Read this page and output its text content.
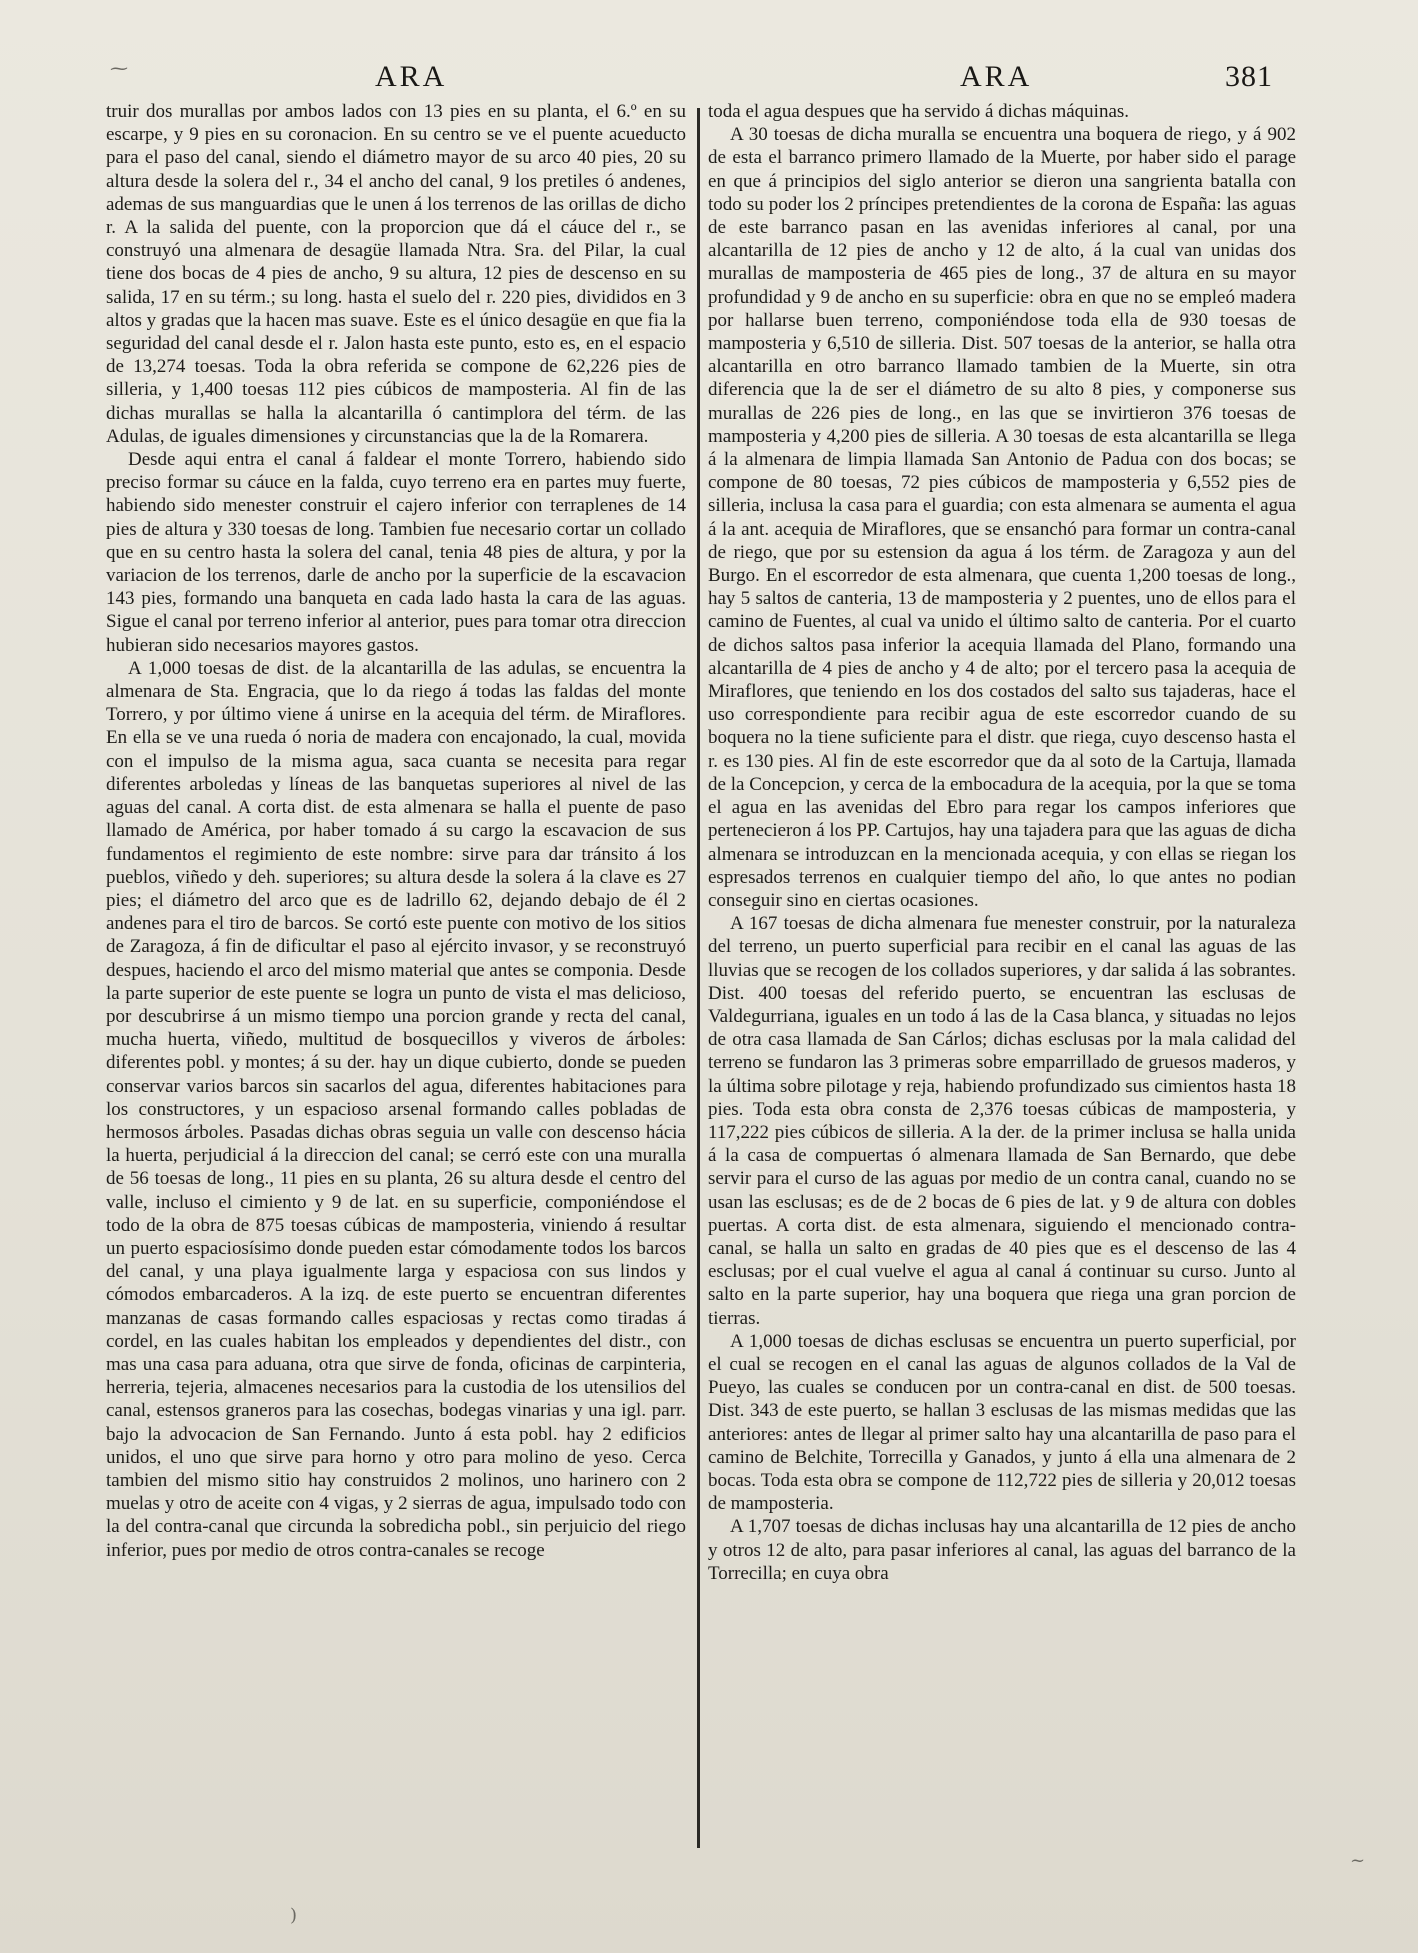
ARA	ARA	381

truir dos murallas por ambos lados con 13 pies en su planta, el 6.º en su escarpe, y 9 pies en su coronacion. En su centro se ve el puente acueducto para el paso del canal, siendo el diámetro mayor de su arco 40 pies, 20 su altura desde la solera del r., 34 el ancho del canal, 9 los pretiles ó andenes, ademas de sus manguardias que le unen á los terrenos de las orillas de dicho r. A la salida del puente, con la proporcion que dá el cáuce del r., se construyó una almenara de desagüe llamada Ntra. Sra. del Pilar, la cual tiene dos bocas de 4 pies de ancho, 9 su altura, 12 pies de descenso en su salida, 17 en su térm.; su long. hasta el suelo del r. 220 pies, divididos en 3 altos y gradas que la hacen mas suave. Este es el único desagüe en que fia la seguridad del canal desde el r. Jalon hasta este punto, esto es, en el espacio de 13,274 toesas. Toda la obra referida se compone de 62,226 pies de silleria, y 1,400 toesas 112 pies cúbicos de mamposteria. Al fin de las dichas murallas se halla la alcantarilla ó cantimplora del térm. de las Adulas, de iguales dimensiones y circunstancias que la de la Romarera.

Desde aqui entra el canal á faldear el monte Torrero, habiendo sido preciso formar su cáuce en la falda, cuyo terreno era en partes muy fuerte, habiendo sido menester construir el cajero inferior con terraplenes de 14 pies de altura y 330 toesas de long. Tambien fue necesario cortar un collado que en su centro hasta la solera del canal, tenia 48 pies de altura, y por la variacion de los terrenos, darle de ancho por la superficie de la escavacion 143 pies, formando una banqueta en cada lado hasta la cara de las aguas. Sigue el canal por terreno inferior al anterior, pues para tomar otra direccion hubieran sido necesarios mayores gastos.

A 1,000 toesas de dist. de la alcantarilla de las adulas, se encuentra la almenara de Sta. Engracia, que lo da riego á todas las faldas del monte Torrero, y por último viene á unirse en la acequia del térm. de Miraflores. En ella se ve una rueda ó noria de madera con encajonado, la cual, movida con el impulso de la misma agua, saca cuanta se necesita para regar diferentes arboledas y líneas de las banquetas superiores al nivel de las aguas del canal. A corta dist. de esta almenara se halla el puente de paso llamado de América, por haber tomado á su cargo la escavacion de sus fundamentos el regimiento de este nombre: sirve para dar tránsito á los pueblos, viñedo y deh. superiores; su altura desde la solera á la clave es 27 pies; el diámetro del arco que es de ladrillo 62, dejando debajo de él 2 andenes para el tiro de barcos. Se cortó este puente con motivo de los sitios de Zaragoza, á fin de dificultar el paso al ejército invasor, y se reconstruyó despues, haciendo el arco del mismo material que antes se componia. Desde la parte superior de este puente se logra un punto de vista el mas delicioso, por descubrirse á un mismo tiempo una porcion grande y recta del canal, mucha huerta, viñedo, multitud de bosquecillos y viveros de árboles: diferentes pobl. y montes; á su der. hay un dique cubierto, donde se pueden conservar varios barcos sin sacarlos del agua, diferentes habitaciones para los constructores, y un espacioso arsenal formando calles pobladas de hermosos árboles. Pasadas dichas obras seguia un valle con descenso hácia la huerta, perjudicial á la direccion del canal; se cerró este con una muralla de 56 toesas de long., 11 pies en su planta, 26 su altura desde el centro del valle, incluso el cimiento y 9 de lat. en su superficie, componiéndose el todo de la obra de 875 toesas cúbicas de mamposteria, viniendo á resultar un puerto espaciosísimo donde pueden estar cómodamente todos los barcos del canal, y una playa igualmente larga y espaciosa con sus lindos y cómodos embarcaderos. A la izq. de este puerto se encuentran diferentes manzanas de casas formando calles espaciosas y rectas como tiradas á cordel, en las cuales habitan los empleados y dependientes del distr., con mas una casa para aduana, otra que sirve de fonda, oficinas de carpinteria, herreria, tejeria, almacenes necesarios para la custodia de los utensilios del canal, estensos graneros para las cosechas, bodegas vinarias y una igl. parr. bajo la advocacion de San Fernando. Junto á esta pobl. hay 2 edificios unidos, el uno que sirve para horno y otro para molino de yeso. Cerca tambien del mismo sitio hay construidos 2 molinos, uno harinero con 2 muelas y otro de aceite con 4 vigas, y 2 sierras de agua, impulsado todo con la del contra-canal que circunda la sobredicha pobl., sin perjuicio del riego inferior, pues por medio de otros contra-canales se recoge

toda el agua despues que ha servido á dichas máquinas.

A 30 toesas de dicha muralla se encuentra una boquera de riego, y á 902 de esta el barranco primero llamado de la Muerte, por haber sido el parage en que á principios del siglo anterior se dieron una sangrienta batalla con todo su poder los 2 príncipes pretendientes de la corona de España: las aguas de este barranco pasan en las avenidas inferiores al canal, por una alcantarilla de 12 pies de ancho y 12 de alto, á la cual van unidas dos murallas de mamposteria de 465 pies de long., 37 de altura en su mayor profundidad y 9 de ancho en su superficie: obra en que no se empleó madera por hallarse buen terreno, componiéndose toda ella de 930 toesas de mamposteria y 6,510 de silleria. Dist. 507 toesas de la anterior, se halla otra alcantarilla en otro barranco llamado tambien de la Muerte, sin otra diferencia que la de ser el diámetro de su alto 8 pies, y componerse sus murallas de 226 pies de long., en las que se invirtieron 376 toesas de mamposteria y 4,200 pies de silleria. A 30 toesas de esta alcantarilla se llega á la almenara de limpia llamada San Antonio de Padua con dos bocas; se compone de 80 toesas, 72 pies cúbicos de mamposteria y 6,552 pies de silleria, inclusa la casa para el guardia; con esta almenara se aumenta el agua á la ant. acequia de Miraflores, que se ensanchó para formar un contra-canal de riego, que por su estension da agua á los térm. de Zaragoza y aun del Burgo. En el escorredor de esta almenara, que cuenta 1,200 toesas de long., hay 5 saltos de canteria, 13 de mamposteria y 2 puentes, uno de ellos para el camino de Fuentes, al cual va unido el último salto de canteria. Por el cuarto de dichos saltos pasa inferior la acequia llamada del Plano, formando una alcantarilla de 4 pies de ancho y 4 de alto; por el tercero pasa la acequia de Miraflores, que teniendo en los dos costados del salto sus tajaderas, hace el uso correspondiente para recibir agua de este escorredor cuando de su boquera no la tiene suficiente para el distr. que riega, cuyo descenso hasta el r. es 130 pies. Al fin de este escorredor que da al soto de la Cartuja, llamada de la Concepcion, y cerca de la embocadura de la acequia, por la que se toma el agua en las avenidas del Ebro para regar los campos inferiores que pertenecieron á los PP. Cartujos, hay una tajadera para que las aguas de dicha almenara se introduzcan en la mencionada acequia, y con ellas se riegan los espresados terrenos en cualquier tiempo del año, lo que antes no podian conseguir sino en ciertas ocasiones.

A 167 toesas de dicha almenara fue menester construir, por la naturaleza del terreno, un puerto superficial para recibir en el canal las aguas de las lluvias que se recogen de los collados superiores, y dar salida á las sobrantes. Dist. 400 toesas del referido puerto, se encuentran las esclusas de Valdegurriana, iguales en un todo á las de la Casa blanca, y situadas no lejos de otra casa llamada de San Cárlos; dichas esclusas por la mala calidad del terreno se fundaron las 3 primeras sobre emparrillado de gruesos maderos, y la última sobre pilotage y reja, habiendo profundizado sus cimientos hasta 18 pies. Toda esta obra consta de 2,376 toesas cúbicas de mamposteria, y 117,222 pies cúbicos de silleria. A la der. de la primer inclusa se halla unida á la casa de compuertas ó almenara llamada de San Bernardo, que debe servir para el curso de las aguas por medio de un contra canal, cuando no se usan las esclusas; es de de 2 bocas de 6 pies de lat. y 9 de altura con dobles puertas. A corta dist. de esta almenara, siguiendo el mencionado contra-canal, se halla un salto en gradas de 40 pies que es el descenso de las 4 esclusas; por el cual vuelve el agua al canal á continuar su curso. Junto al salto en la parte superior, hay una boquera que riega una gran porcion de tierras.

A 1,000 toesas de dichas esclusas se encuentra un puerto superficial, por el cual se recogen en el canal las aguas de algunos collados de la Val de Pueyo, las cuales se conducen por un contra-canal en dist. de 500 toesas. Dist. 343 de este puerto, se hallan 3 esclusas de las mismas medidas que las anteriores: antes de llegar al primer salto hay una alcantarilla de paso para el camino de Belchite, Torrecilla y Ganados, y junto á ella una almenara de 2 bocas. Toda esta obra se compone de 112,722 pies de silleria y 20,012 toesas de mamposteria.

A 1,707 toesas de dichas inclusas hay una alcantarilla de 12 pies de ancho y otros 12 de alto, para pasar inferiores al canal, las aguas del barranco de la Torrecilla; en cuya obra

⁓
)
~
